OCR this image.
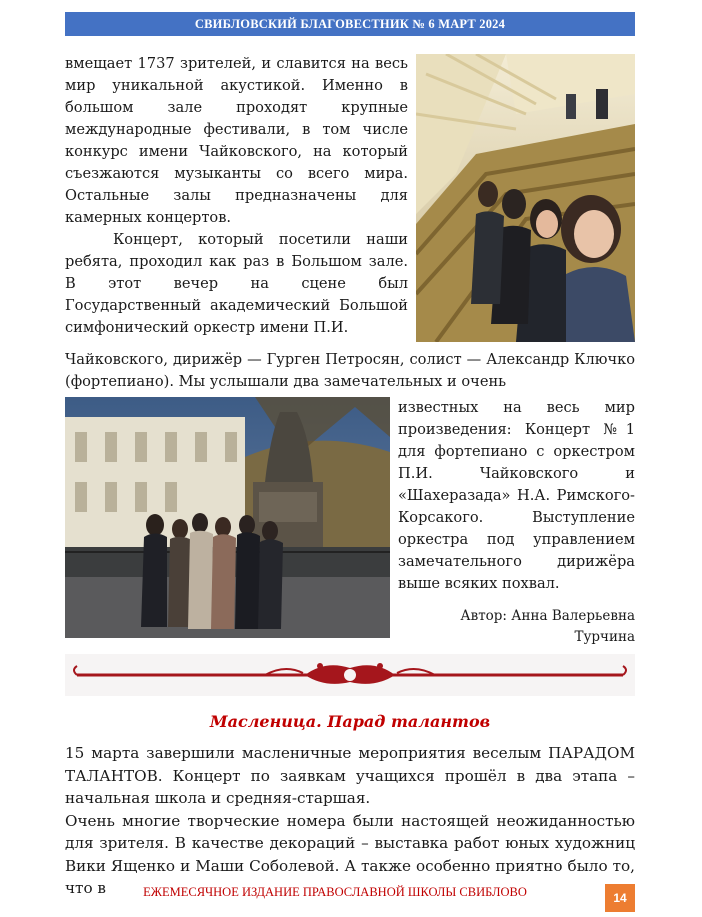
СВИБЛОВСКИЙ БЛАГОВЕСТНИК № 6 МАРТ 2024

вмещает 1737 зрителей, и славится на весь мир уникальной акустикой. Именно в большом зале проходят крупные международные фестивали, в том числе конкурс имени Чайковского, на который съезжаются музыканты со всего мира. Остальные залы предназначены для камерных концертов.

Концерт, который посетили наши ребята, проходил как раз в Большом зале. В этот вечер на сцене был Государственный академический Большой симфонический оркестр имени П.И.

Чайковского, дирижёр — Гурген Петросян, солист — Александр Ключко (фортепиано). Мы услышали два замечательных и очень

известных на весь мир произведения: Концерт №1 для фортепиано с оркестром П.И. Чайковского и «Шахеразада» Н.А. Римского-Корсакого. Выступление оркестра под управлением замечательного дирижёра выше всяких похвал.

Автор: Анна Валерьевна
Турчина
Масленица. Парад талантов

15 марта завершили масленичные мероприятия веселым ПАРАДОМ ТАЛАНТОВ. Концерт по заявкам учащихся прошёл в два этапа – начальная школа и средняя-старшая.

Очень многие творческие номера были настоящей неожиданностью для зрителя. В качестве декораций – выставка работ юных художниц Вики Ященко и Маши Соболевой. А также особенно приятно было то, что в	ЕЖЕМЕСЯЧНОЕ ИЗДАНИЕ ПРАВОСЛАВНОЙ ШКОЛЫ СВИБЛОВО	14
